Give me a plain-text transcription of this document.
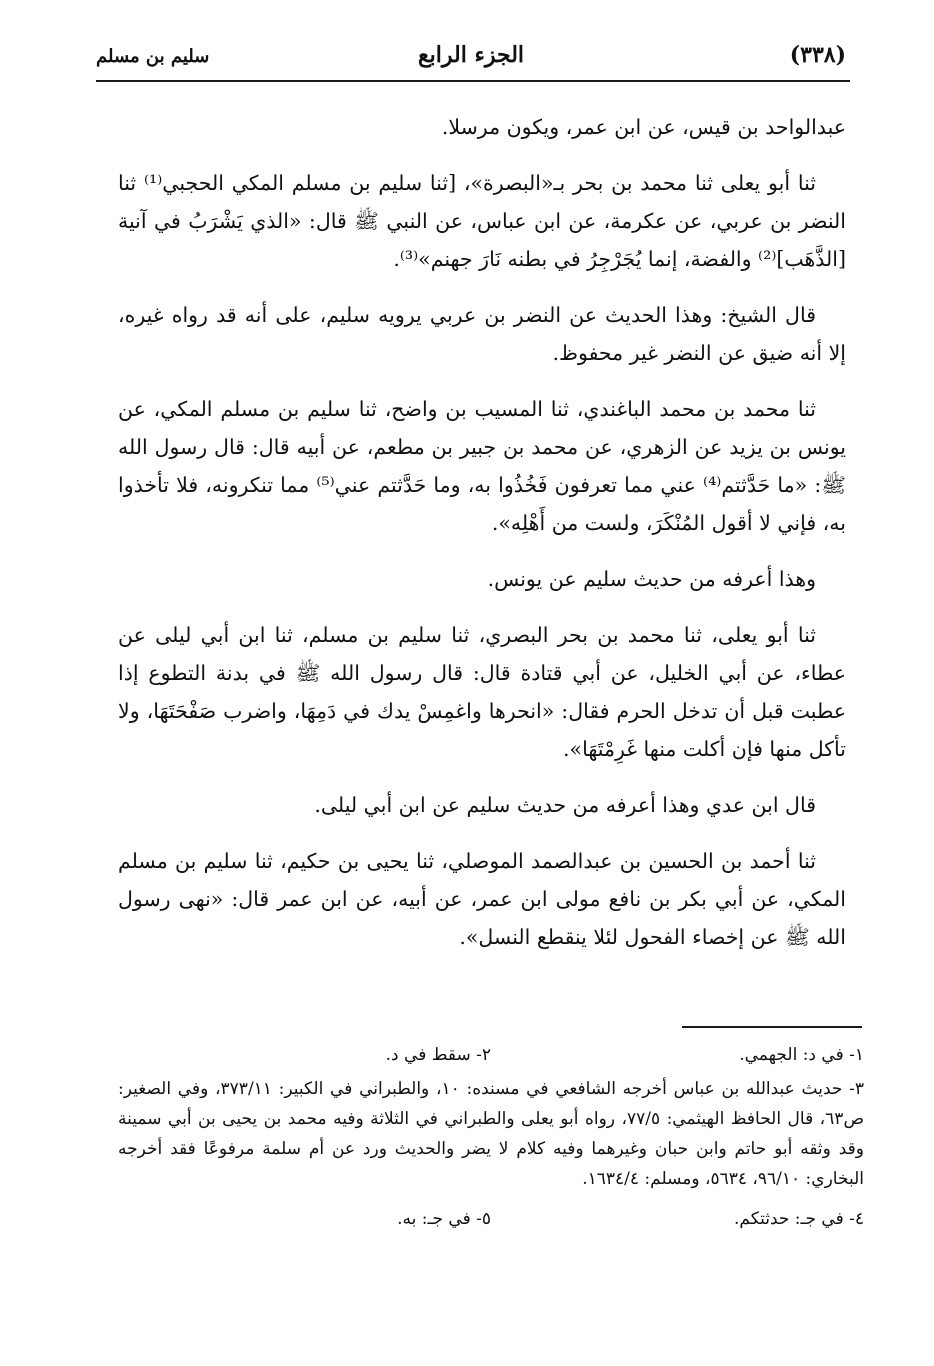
(٣٣٨)
الجزء الرابع
سليم بن مسلم

عبدالواحد بن قيس، عن ابن عمر، ويكون مرسلا.

ثنا أبو يعلى ثنا محمد بن بحر بـ«البصرة»، [ثنا سليم بن مسلم المكي الحجبي⁽¹⁾ ثنا النضر بن عربي، عن عكرمة، عن ابن عباس، عن النبي ﷺ قال: «الذي يَشْرَبُ في آنية [الذَّهَب]⁽²⁾ والفضة، إنما يُجَرْجِرُ في بطنه نَارَ جهنم»⁽³⁾.

قال الشيخ: وهذا الحديث عن النضر بن عربي يرويه سليم، على أنه قد رواه غيره، إلا أنه ضيق عن النضر غير محفوظ.

ثنا محمد بن محمد الباغندي، ثنا المسيب بن واضح، ثنا سليم بن مسلم المكي، عن يونس بن يزيد عن الزهري، عن محمد بن جبير بن مطعم، عن أبيه قال: قال رسول الله ﷺ: «ما حَدَّثتم⁽⁴⁾ عني مما تعرفون فَخُذُوا به، وما حَدَّثتم عني⁽⁵⁾ مما تنكرونه، فلا تأخذوا به، فإني لا أقول المُنْكَرَ، ولست من أَهْلِه».

وهذا أعرفه من حديث سليم عن يونس.

ثنا أبو يعلى، ثنا محمد بن بحر البصري، ثنا سليم بن مسلم، ثنا ابن أبي ليلى عن عطاء، عن أبي الخليل، عن أبي قتادة قال: قال رسول الله ﷺ في بدنة التطوع إذا عطبت قبل أن تدخل الحرم فقال: «انحرها واغمِسْ يدك في دَمِهَا، واضرب صَفْحَتَهَا، ولا تأكل منها فإن أكلت منها غَرِمْتَهَا».

قال ابن عدي وهذا أعرفه من حديث سليم عن ابن أبي ليلى.

ثنا أحمد بن الحسين بن عبدالصمد الموصلي، ثنا يحيى بن حكيم، ثنا سليم بن مسلم المكي، عن أبي بكر بن نافع مولى ابن عمر، عن أبيه، عن ابن عمر قال: «نهى رسول الله ﷺ عن إخصاء الفحول لئلا ينقطع النسل».

١- في د: الجهمي.
٢- سقط في د.
٣- حديث عبدالله بن عباس أخرجه الشافعي في مسنده: ١٠، والطبراني في الكبير: ٣٧٣/١١، وفي الصغير: ص٦٣، قال الحافظ الهيثمي: ٧٧/٥، رواه أبو يعلى والطبراني في الثلاثة وفيه محمد بن يحيى بن أبي سمينة وقد وثقه أبو حاتم وابن حبان وغيرهما وفيه كلام لا يضر والحديث ورد عن أم سلمة مرفوعًا فقد أخرجه البخاري: ٩٦/١٠، ٥٦٣٤، ومسلم: ١٦٣٤/٤.
٤- في جـ: حدثتكم.
٥- في جـ: به.
